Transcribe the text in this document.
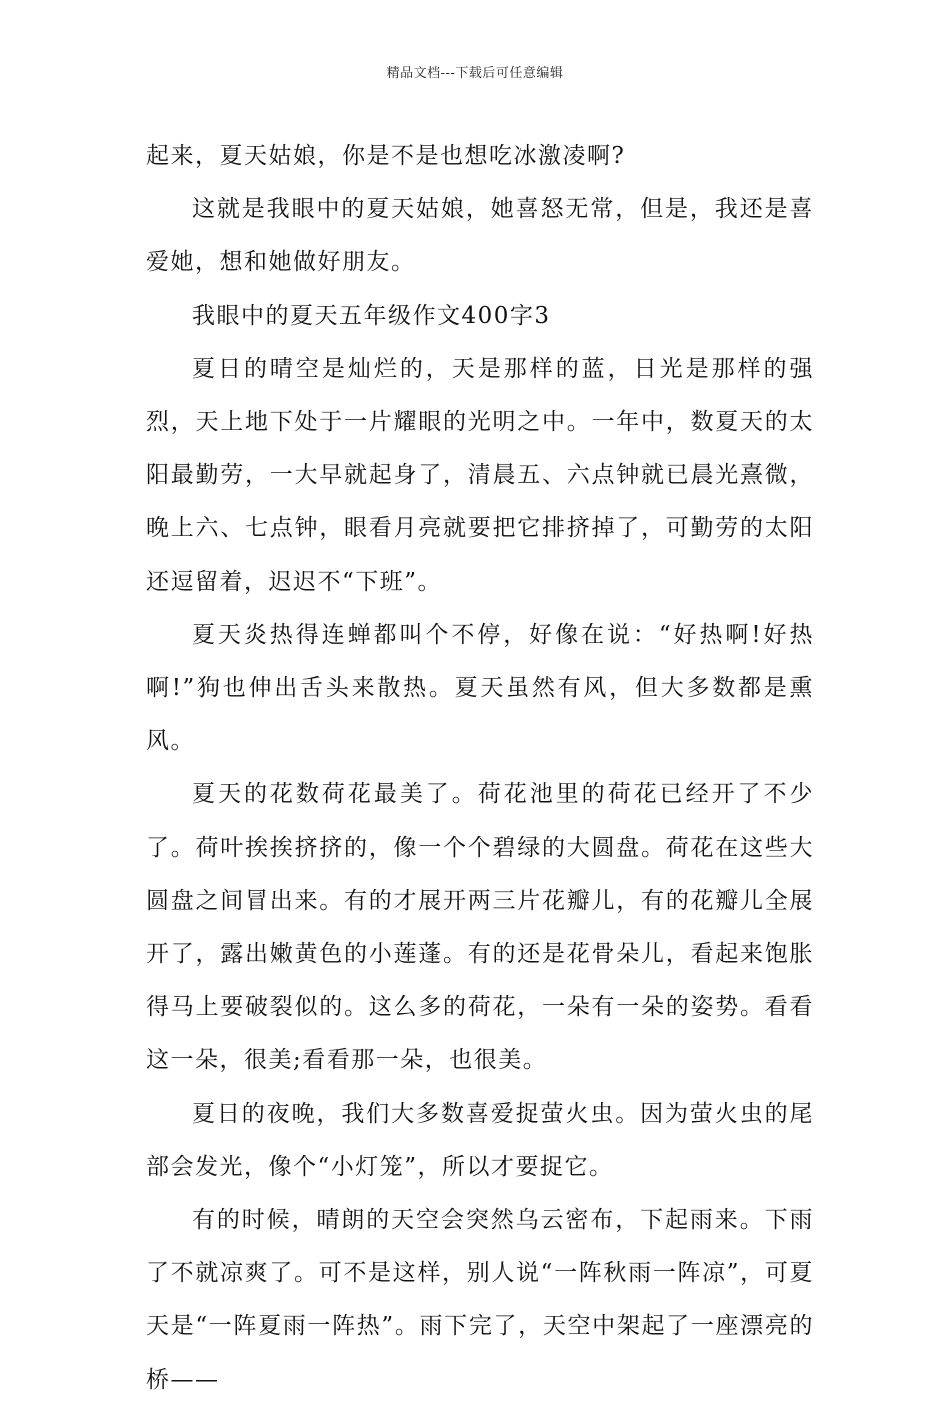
精品文档---下载后可任意编辑

起来，夏天姑娘，你是不是也想吃冰激凌啊?

这就是我眼中的夏天姑娘，她喜怒无常，但是，我还是喜爱她，想和她做好朋友。

我眼中的夏天五年级作文400字3

夏日的晴空是灿烂的，天是那样的蓝，日光是那样的强烈，天上地下处于一片耀眼的光明之中。一年中，数夏天的太阳最勤劳，一大早就起身了，清晨五、六点钟就已晨光熹微，晚上六、七点钟，眼看月亮就要把它排挤掉了，可勤劳的太阳还逗留着，迟迟不“下班”。

夏天炎热得连蝉都叫个不停，好像在说：“好热啊!好热啊!”狗也伸出舌头来散热。夏天虽然有风，但大多数都是熏风。

夏天的花数荷花最美了。荷花池里的荷花已经开了不少了。荷叶挨挨挤挤的，像一个个碧绿的大圆盘。荷花在这些大圆盘之间冒出来。有的才展开两三片花瓣儿，有的花瓣儿全展开了，露出嫩黄色的小莲蓬。有的还是花骨朵儿，看起来饱胀得马上要破裂似的。这么多的荷花，一朵有一朵的姿势。看看这一朵，很美;看看那一朵，也很美。

夏日的夜晚，我们大多数喜爱捉萤火虫。因为萤火虫的尾部会发光，像个“小灯笼”，所以才要捉它。

有的时候，晴朗的天空会突然乌云密布，下起雨来。下雨了不就凉爽了。可不是这样，别人说“一阵秋雨一阵凉”，可夏天是“一阵夏雨一阵热”。雨下完了，天空中架起了一座漂亮的桥——
